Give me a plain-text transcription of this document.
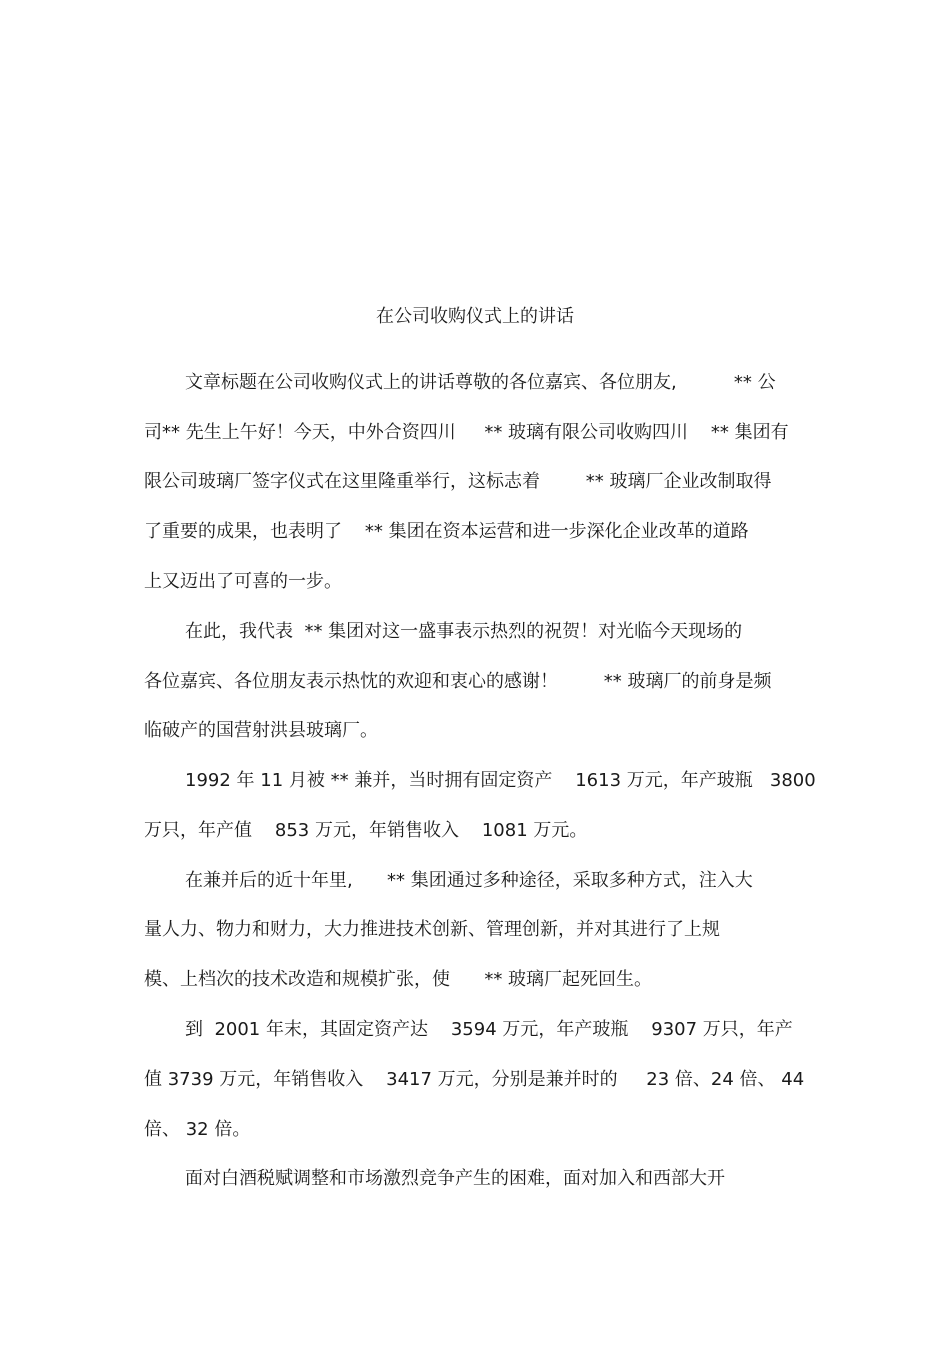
在公司收购仪式上的讲话
文章标题在公司收购仪式上的讲话尊敬的各位嘉宾、各位朋友,          ** 公
司** 先生上午好！今天，中外合资四川     ** 玻璃有限公司收购四川    ** 集团有
限公司玻璃厂签字仪式在这里隆重举行，这标志着        ** 玻璃厂企业改制取得
了重要的成果，也表明了    ** 集团在资本运营和进一步深化企业改革的道路
上又迈出了可喜的一步。
在此，我代表  ** 集团对这一盛事表示热烈的祝贺！对光临今天现场的
各位嘉宾、各位朋友表示热忱的欢迎和衷心的感谢！        ** 玻璃厂的前身是频
临破产的国营射洪县玻璃厂。
1992 年 11 月被 ** 兼并，当时拥有固定资产    1613 万元，年产玻瓶   3800
万只，年产值    853 万元，年销售收入    1081 万元。
在兼并后的近十年里,      ** 集团通过多种途径，采取多种方式，注入大
量人力、物力和财力，大力推进技术创新、管理创新，并对其进行了上规
模、上档次的技术改造和规模扩张，使      ** 玻璃厂起死回生。
到  2001 年末，其固定资产达    3594 万元，年产玻瓶    9307 万只，年产
值 3739 万元，年销售收入    3417 万元，分别是兼并时的     23 倍、24 倍、 44
倍、 32 倍。
面对白酒税赋调整和市场激烈竞争产生的困难，面对加入和西部大开
